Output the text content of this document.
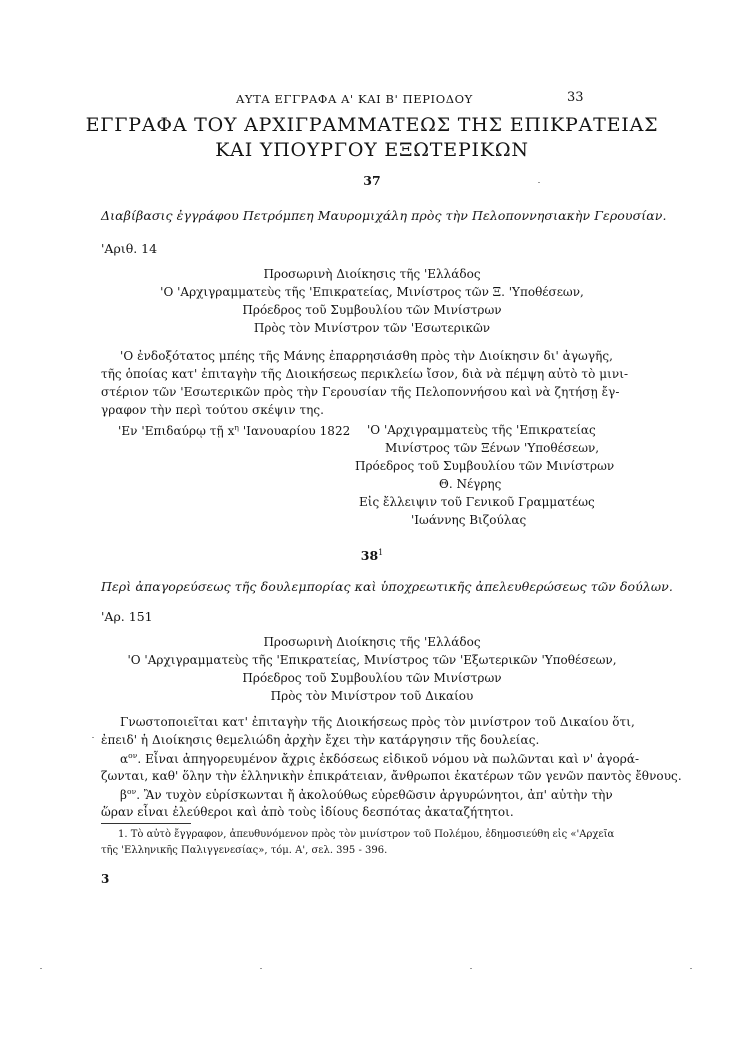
ΑΥΤΑ ΕΓΓΡΑΦΑ Α' ΚΑΙ Β' ΠΕΡΙΟΔΟΥ	33
ΕΓΓΡΑΦΑ ΤΟΥ ΑΡΧΙΓΡΑΜΜΑΤΕΩΣ ΤΗΣ ΕΠΙΚΡΑΤΕΙΑΣ
ΚΑΙ ΥΠΟΥΡΓΟΥ ΕΞΩΤΕΡΙΚΩΝ
37
Διαβίβασις ἐγγράφου Πετρόμπεη Μαυρομιχάλη πρὸς τὴν Πελοποννησιακὴν Γερουσίαν.
'Αριθ. 14
Προσωρινὴ Διοίκησις τῆς 'Ελλάδος
'Ο 'Αρχιγραμματεὺς τῆς 'Επικρατείας, Μινίστρος τῶν Ξ. 'Υποθέσεων,
Πρόεδρος τοῦ Συμβουλίου τῶν Μινίστρων
Πρὸς τὸν Μινίστρον τῶν 'Εσωτερικῶν
'Ο ἐνδοξότατος μπέης τῆς Μάνης ἐπαρρησιάσθη πρὸς τὴν Διοίκησιν δι' ἀγωγῆς,
τῆς ὁποίας κατ' ἐπιταγὴν τῆς Διοικήσεως περικλείω ἴσον, διὰ νὰ πέμψη αὐτὸ τὸ μινι-
στέριον τῶν 'Εσωτερικῶν πρὸς τὴν Γερουσίαν τῆς Πελοποννήσου καὶ νὰ ζητήσῃ ἔγ-
γραφον τὴν περὶ τούτου σκέψιν της.
'Εν 'Επιδαύρῳ τῇ $x^\eta$ 'Ιανουαρίου 1822 'Ο 'Αρχιγραμματεὺς τῆς 'Επικρατείας
Μινίστρος τῶν Ξένων 'Υποθέσεων,
Πρόεδρος τοῦ Συμβουλίου τῶν Μινίστρων
Θ. Νέγρης
Εἰς ἔλλειψιν τοῦ Γενικοῦ Γραμματέως
'Ιωάννης Βιζούλας
$38^1$
Περὶ ἀπαγορεύσεως τῆς δουλεμπορίας καὶ ὑποχρεωτικῆς ἀπελευθερώσεως τῶν δούλων.
'Αρ. 151
Προσωρινὴ Διοίκησις τῆς 'Ελλάδος
'Ο 'Αρχιγραμματεὺς τῆς 'Επικρατείας, Μινίστρος τῶν 'Εξωτερικῶν 'Υποθέσεων,
Πρόεδρος τοῦ Συμβουλίου τῶν Μινίστρων
Πρὸς τὸν Μινίστρον τοῦ Δικαίου
Γνωστοποιεῖται κατ' ἐπιταγὴν τῆς Διοικήσεως πρὸς τὸν μινίστρον τοῦ Δικαίου ὅτι,
ἐπειδ' ἡ Διοίκησις θεμελιώδη ἀρχὴν ἔχει τὴν κατάργησιν τῆς δουλείας.
$\alpha^{o\nu}$. Εἶναι ἀπηγορευμένον ἄχρις ἐκδόσεως εἰδικοῦ νόμου νὰ πωλῶνται καὶ ν' ἀγορά-
ζωνται, καθ' ὅλην τὴν ἑλληνικὴν ἐπικράτειαν, ἄνθρωποι ἑκατέρων τῶν γενῶν παντὸς ἔθνους.
$\beta^{o\nu}$. Ἂν τυχὸν εὑρίσκωνται ἤ ἀκολούθως εὑρεθῶσιν ἀργυρώνητοι, ἀπ' αὐτὴν τὴν
ὥραν εἶναι ἐλεύθεροι καὶ ἀπὸ τοὺς ἰδίους δεσπότας ἀκαταζήτητοι.
1. Τὸ αὐτὸ ἔγγραφον, ἀπευθυνόμενον πρὸς τὸν μινίστρον τοῦ Πολέμου, ἐδημοσιεύθη εἰς «'Αρχεῖα
τῆς 'Ελληνικῆς Παλιγγενεσίας», τόμ. Α', σελ. 395 - 396.
3
